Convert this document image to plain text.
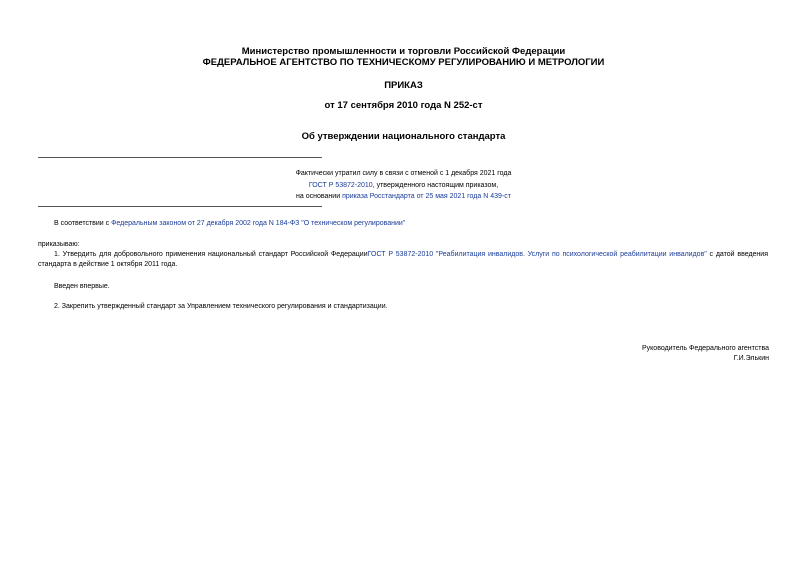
Министерство промышленности и торговли Российской Федерации
ФЕДЕРАЛЬНОЕ АГЕНТСТВО ПО ТЕХНИЧЕСКОМУ РЕГУЛИРОВАНИЮ И МЕТРОЛОГИИ
ПРИКАЗ
от 17 сентября 2010 года N 252-ст
Об утверждении национального стандарта
Фактически утратил силу в связи с отменой с 1 декабря 2021 года
ГОСТ Р 53872-2010, утвержденного настоящим приказом,
на основании приказа Росстандарта от 25 мая 2021 года N 439-ст
В соответствии с Федеральным законом от 27 декабря 2002 года N 184-ФЗ "О техническом регулировании"
приказываю:
1. Утвердить для добровольного применения национальный стандарт Российской ФедерацииГОСТ Р 53872-2010 "Реабилитация инвалидов. Услуги по психологической реабилитации инвалидов" с датой введения стандарта в действие 1 октября 2011 года.
Введен впервые.
2. Закрепить утвержденный стандарт за Управлением технического регулирования и стандартизации.
Руководитель Федерального агентства
Г.И.Элькин
